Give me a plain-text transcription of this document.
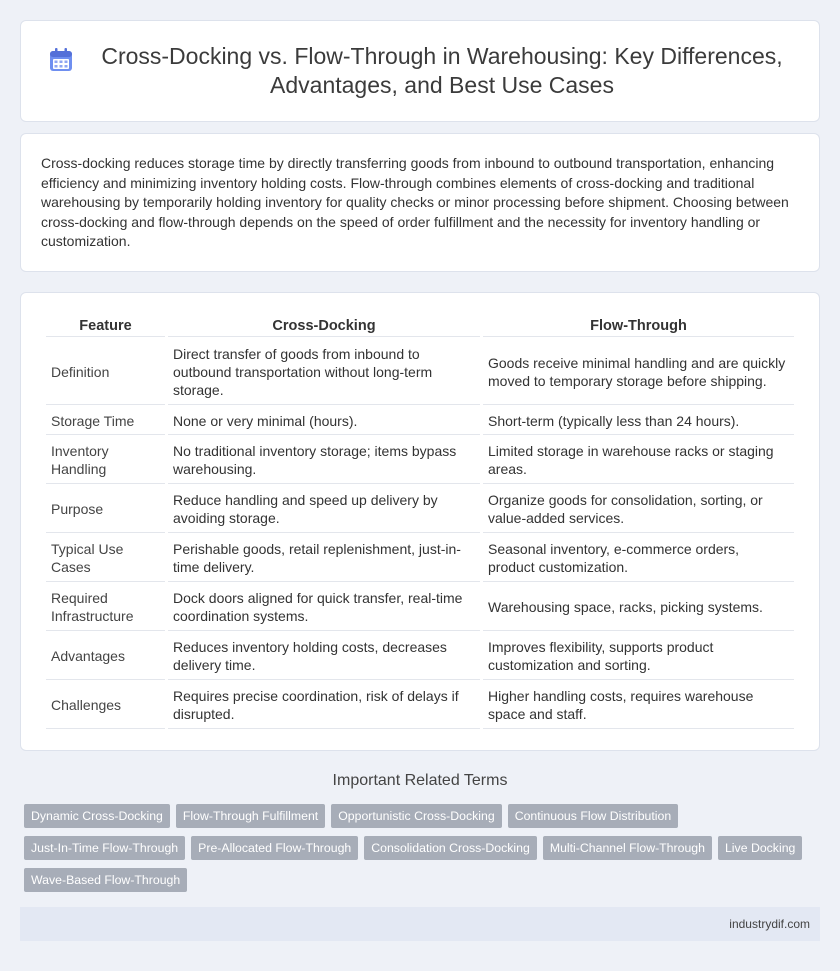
Cross-Docking vs. Flow-Through in Warehousing: Key Differences, Advantages, and Best Use Cases

Cross-docking reduces storage time by directly transferring goods from inbound to outbound transportation, enhancing efficiency and minimizing inventory holding costs. Flow-through combines elements of cross-docking and traditional warehousing by temporarily holding inventory for quality checks or minor processing before shipment. Choosing between cross-docking and flow-through depends on the speed of order fulfillment and the necessity for inventory handling or customization.

Feature	Cross-Docking	Flow-Through
Definition	Direct transfer of goods from inbound to outbound transportation without long-term storage.	Goods receive minimal handling and are quickly moved to temporary storage before shipping.
Storage Time	None or very minimal (hours).	Short-term (typically less than 24 hours).
Inventory Handling	No traditional inventory storage; items bypass warehousing.	Limited storage in warehouse racks or staging areas.
Purpose	Reduce handling and speed up delivery by avoiding storage.	Organize goods for consolidation, sorting, or value-added services.
Typical Use Cases	Perishable goods, retail replenishment, just-in-time delivery.	Seasonal inventory, e-commerce orders, product customization.
Required Infrastructure	Dock doors aligned for quick transfer, real-time coordination systems.	Warehousing space, racks, picking systems.
Advantages	Reduces inventory holding costs, decreases delivery time.	Improves flexibility, supports product customization and sorting.
Challenges	Requires precise coordination, risk of delays if disrupted.	Higher handling costs, requires warehouse space and staff.
Important Related Terms
Dynamic Cross-Docking	Flow-Through Fulfillment	Opportunistic Cross-Docking	Continuous Flow Distribution
Just-In-Time Flow-Through	Pre-Allocated Flow-Through	Consolidation Cross-Docking	Multi-Channel Flow-Through	Live Docking
Wave-Based Flow-Through
industrydif.com
